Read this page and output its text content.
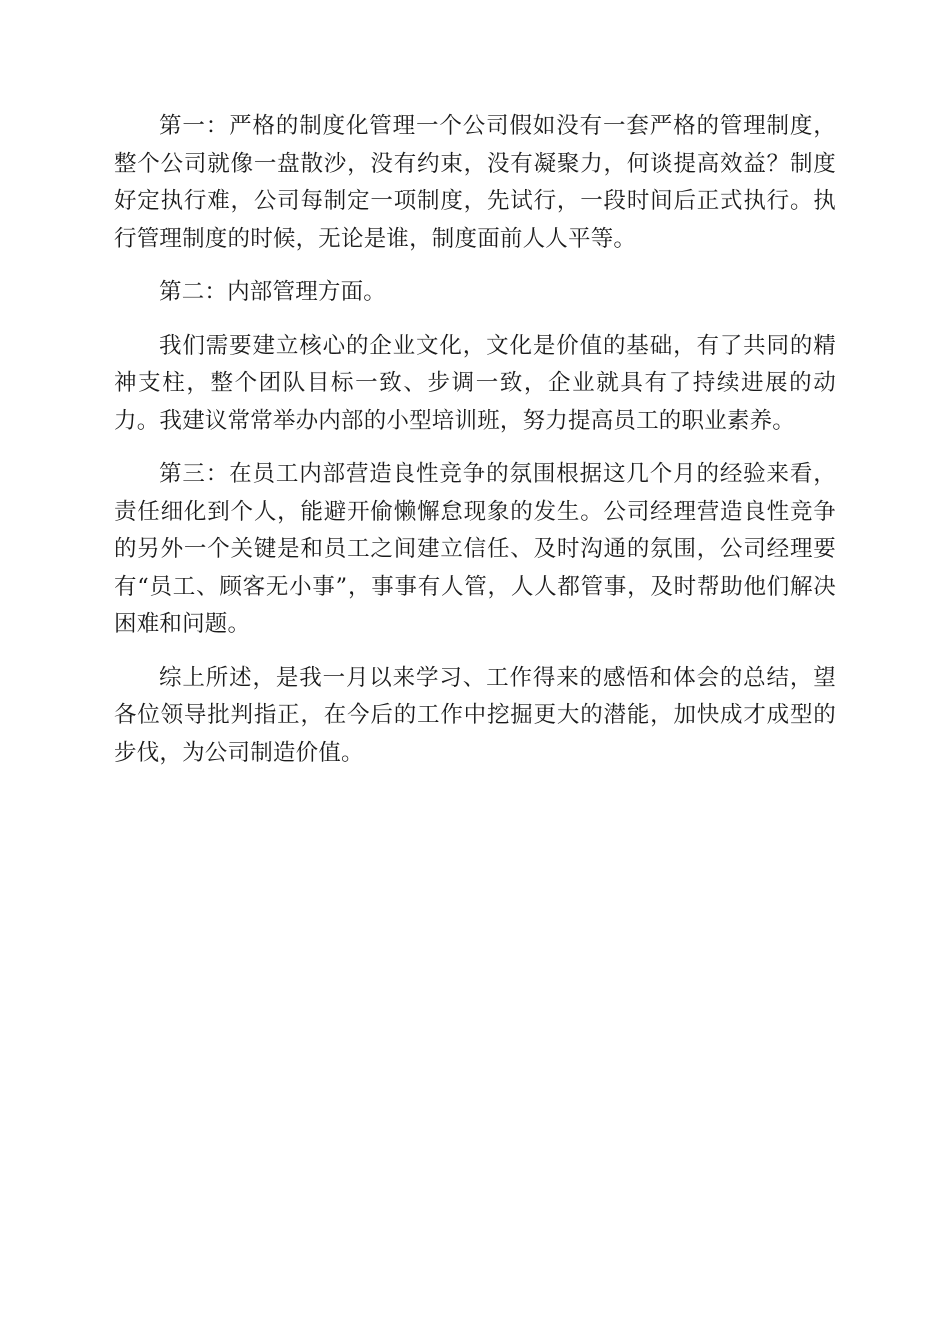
第一：严格的制度化管理一个公司假如没有一套严格的管理制度，整个公司就像一盘散沙，没有约束，没有凝聚力，何谈提高效益？制度好定执行难，公司每制定一项制度，先试行，一段时间后正式执行。执行管理制度的时候，无论是谁，制度面前人人平等。

第二：内部管理方面。

我们需要建立核心的企业文化，文化是价值的基础，有了共同的精神支柱，整个团队目标一致、步调一致，企业就具有了持续进展的动力。我建议常常举办内部的小型培训班，努力提高员工的职业素养。

第三：在员工内部营造良性竞争的氛围根据这几个月的经验来看，责任细化到个人，能避开偷懒懈怠现象的发生。公司经理营造良性竞争的另外一个关键是和员工之间建立信任、及时沟通的氛围，公司经理要有“员工、顾客无小事”，事事有人管，人人都管事，及时帮助他们解决困难和问题。

综上所述，是我一月以来学习、工作得来的感悟和体会的总结，望各位领导批判指正，在今后的工作中挖掘更大的潜能，加快成才成型的步伐，为公司制造价值。
